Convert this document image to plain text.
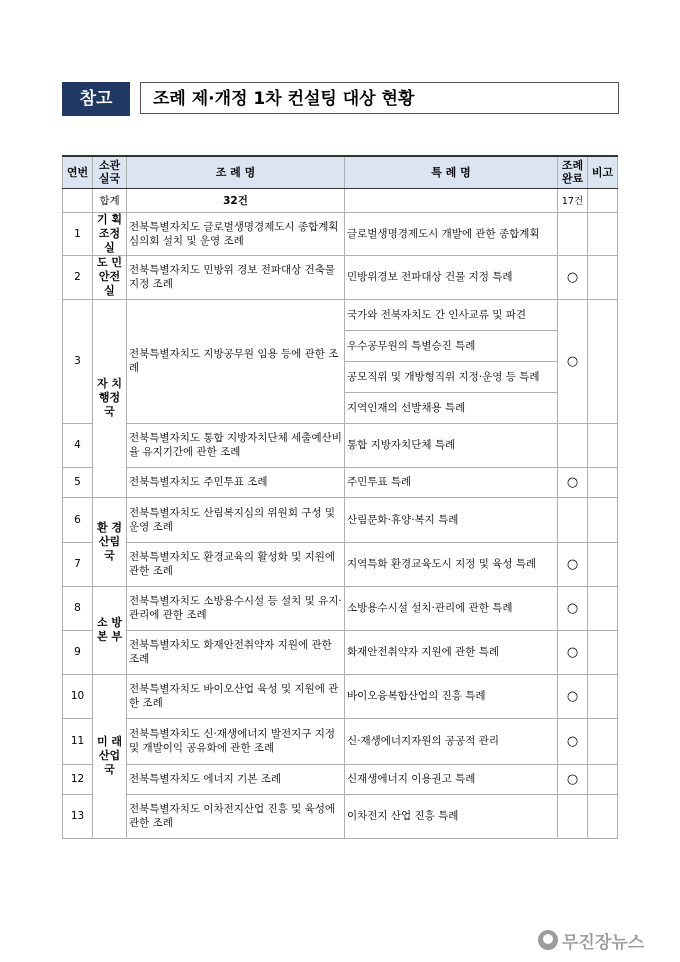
참고	조례 제·개정 1차 컨설팅 대상 현황
연번	소관 실국	조 례 명	특 례 명	조례 완료	비고
	합계	32건		17건	
1	기 획 조정실	전북특별자치도 글로벌생명경제도시 종합계획심의회 설치 및 운영 조례	글로벌생명경제도시 개발에 관한 종합계획		
2	도 민 안전실	전북특별자치도 민방위 경보 전파대상 건축물 지정 조례	민방위경보 전파대상 건물 지정 특례	○	
3	자 치 행정국	전북특별자치도 지방공무원 임용 등에 관한 조례	국가와 전북자치도 간 인사교류 및 파견	○	
			우수공무원의 특별승진 특례		
			공모직위 및 개방형직위 지정·운영 등 특례		
			지역인재의 선발채용 특례		
4		전북특별자치도 통합 지방자치단체 세출예산비율 유지기간에 관한 조례	통합 지방자치단체 특례		
5		전북특별자치도 주민투표 조례	주민투표 특례	○	
6	환 경 산림국	전북특별자치도 산림복지심의 위원회 구성 및 운영 조례	산림문화·휴양·복지 특례		
7		전북특별자치도 환경교육의 활성화 및 지원에 관한 조례	지역특화 환경교육도시 지정 및 육성 특례	○	
8	소 방 본 부	전북특별자치도 소방용수시설 등 설치 및 유지·관리에 관한 조례	소방용수시설 설치·관리에 관한 특례	○	
9		전북특별자치도 화재안전취약자 지원에 관한 조례	화재안전취약자 지원에 관한 특례	○	
10	미 래 산업국	전북특별자치도 바이오산업 육성 및 지원에 관한 조례	바이오융복합산업의 진흥 특례	○	
11		전북특별자치도 신·재생에너지 발전지구 지정 및 개발이익 공유화에 관한 조례	신·재생에너지자원의 공공적 관리	○	
12		전북특별자치도 에너지 기본 조례	신재생에너지 이용권고 특례	○	
13		전북특별자치도 이차전지산업 진흥 및 육성에 관한 조례	이차전지 산업 진흥 특례		
무진장뉴스
